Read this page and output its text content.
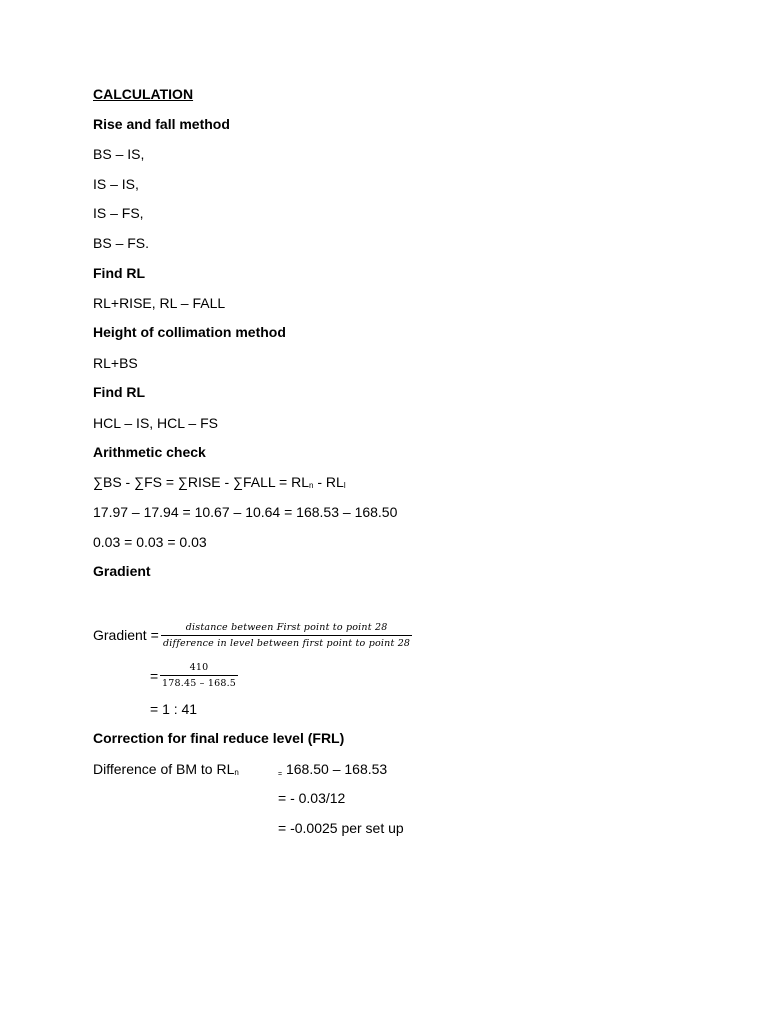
CALCULATION
Rise and fall method
BS – IS,
IS – IS,
IS – FS,
BS – FS.
Find RL
RL+RISE, RL – FALL
Height of collimation method
RL+BS
Find RL
HCL – IS, HCL – FS
Arithmetic check
∑BS - ∑FS = ∑RISE - ∑FALL = $RL_n - RL_l$
17.97 – 17.94 = 10.67 – 10.64 = 168.53 – 168.50
0.03 = 0.03 = 0.03
Gradient
Gradient =	distance between First point to point 28
difference in level between first point to point 28
=
410
178.45 – 168.5
= 1 : 41
Correction for final reduce level (FRL)
Difference of BM to $RL_n$	= 168.50 – 168.53
= - 0.03/12
= -0.0025 per set up
